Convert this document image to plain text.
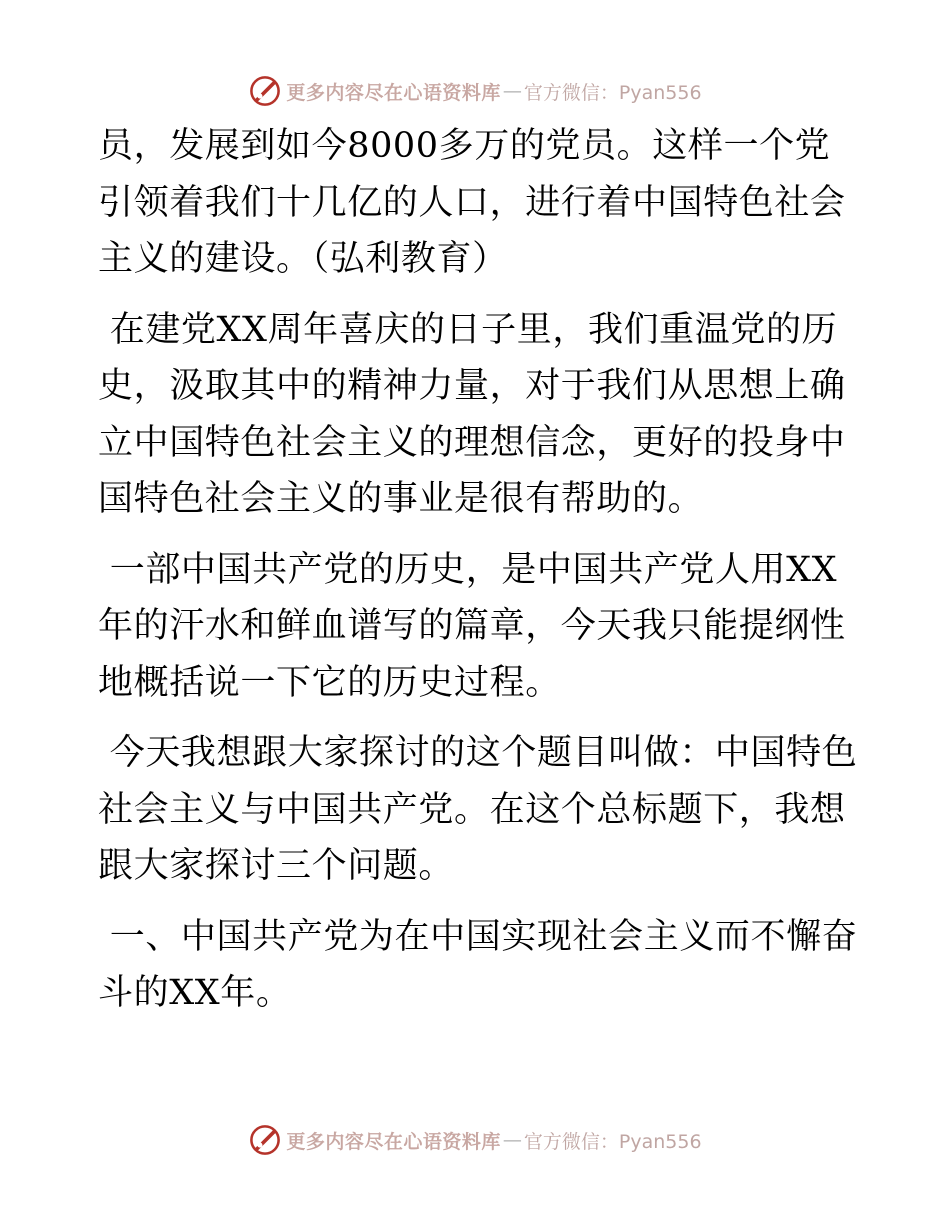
更多内容尽在心语资料库 — 官方微信：Pyan556

员，发展到如今8000多万的党员。这样一个党引领着我们十几亿的人口，进行着中国特色社会主义的建设。（弘利教育）

在建党XX周年喜庆的日子里，我们重温党的历史，汲取其中的精神力量，对于我们从思想上确立中国特色社会主义的理想信念，更好的投身中国特色社会主义的事业是很有帮助的。

一部中国共产党的历史，是中国共产党人用XX年的汗水和鲜血谱写的篇章，今天我只能提纲性地概括说一下它的历史过程。

今天我想跟大家探讨的这个题目叫做：中国特色社会主义与中国共产党。在这个总标题下，我想跟大家探讨三个问题。

一、中国共产党为在中国实现社会主义而不懈奋斗的XX年。

更多内容尽在心语资料库 — 官方微信：Pyan556
